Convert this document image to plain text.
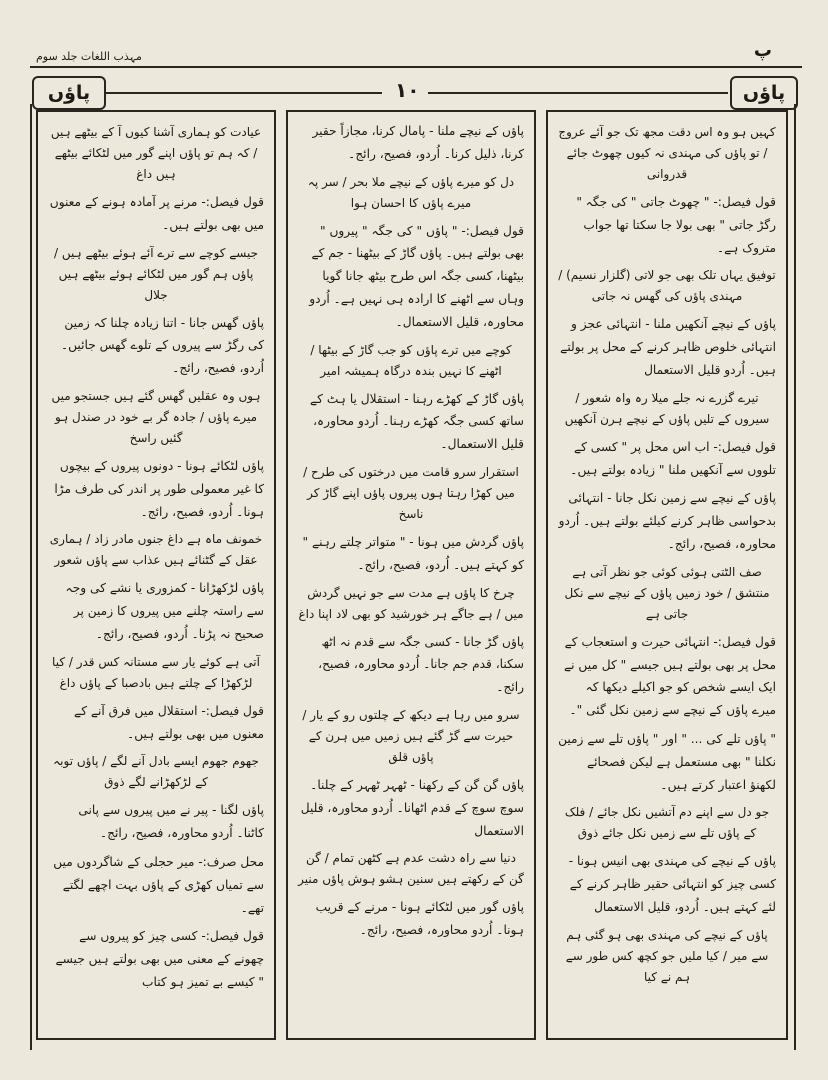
مہذب اللغات جلد سوم	پ
پاؤں	۱۰	پاؤں

عیادت کو ہماری آشنا کیوں آ کے بیٹھے ہیں / کہ ہم تو پاؤں اپنے گور میں لٹکائے بیٹھے ہیں داغ

قول فیصل:- مرنے پر آمادہ ہونے کے معنوں میں بھی بولتے ہیں۔

جیسے کوچے سے ترے آئے ہوئے بیٹھے ہیں / پاؤں ہم گور میں لٹکائے ہوئے بیٹھے ہیں جلال

پاؤں گھس جانا - اتنا زیادہ چلنا کہ زمین کی رگڑ سے پیروں کے تلوے گھس جائیں۔ اُردو، فصیح، رائج۔

ہوں وہ عقلیں گھس گئے ہیں جستجو میں میرے پاؤں / جادہ گر بے خود در صندل ہو گئیں راسخ

پاؤں لٹکائے ہونا - دونوں پیروں کے بیچوں کا غیر معمولی طور پر اندر کی طرف مڑا ہونا۔ اُردو، فصیح، رائج۔

خمونف ماہ ہے داغ جنوں مادر زاد / ہماری عقل کے گٹنائے ہیں عذاب سے پاؤں شعور

پاؤں لڑکھڑانا - کمزوری یا نشے کی وجہ سے راستہ چلنے میں پیروں کا زمین پر صحیح نہ پڑنا۔ اُردو، فصیح، رائج۔

آتی ہے کوئے یار سے مستانہ کس قدر / کیا لڑکھڑا کے چلتے ہیں بادصبا کے پاؤں داغ

قول فیصل:- استقلال میں فرق آنے کے معنوں میں بھی بولتے ہیں۔

جھوم جھوم ایسے بادل آنے لگے / پاؤں توبہ کے لڑکھڑانے لگے ذوق

پاؤں لگنا - پیر نے میں پیروں سے پانی کاٹنا۔ اُردو محاورہ، فصیح، رائج۔

محل صرف:- میر حجلی کے شاگردوں میں سے تمیاں کھڑی کے پاؤں بہت اچھے لگتے تھے۔

قول فیصل:- کسی چیز کو پیروں سے چھونے کے معنی میں بھی بولتے ہیں جیسے " کیسے بے تمیز ہو کتاب

پاؤں کے نیچے ملنا - پامال کرنا، مجازاً حقیر کرنا، ذلیل کرنا۔ اُردو، فصیح، رائج۔

دل کو میرے پاؤں کے نیچے ملا بحر / سر پہ میرے پاؤں کا احسان ہوا

قول فیصل:- " پاؤں " کی جگہ " پیروں " بھی بولتے ہیں۔ پاؤں گاڑ کے بیٹھنا - جم کے بیٹھنا، کسی جگہ اس طرح بیٹھ جانا گویا وہاں سے اٹھنے کا ارادہ ہی نہیں ہے۔ اُردو محاورہ، قلیل الاستعمال۔

کوچے میں ترے پاؤں کو جب گاڑ کے بیٹھا / اٹھنے کا نہیں بندہ درگاہ ہمیشہ امیر

پاؤں گاڑ کے کھڑے رہنا - استقلال یا ہٹ کے ساتھ کسی جگہ کھڑے رہنا۔ اُردو محاورہ، قلیل الاستعمال۔

استقرار سرو قامت میں درختوں کی طرح / میں کھڑا رہتا ہوں پیروں پاؤں اپنے گاڑ کر ناسخ

پاؤں گردش میں ہونا - " متواتر چلتے رہنے " کو کہتے ہیں۔ اُردو، فصیح، رائج۔

چرخ کا پاؤں ہے مدت سے جو نہیں گردش میں / ہے جاگے ہر خورشید کو بھی لاد اپنا داغ

پاؤں گڑ جانا - کسی جگہ سے قدم نہ اٹھ سکنا، قدم جم جانا۔ اُردو محاورہ، فصیح، رائج۔

سرو میں رہا ہے دیکھ کے چلتوں رو کے یار / حیرت سے گڑ گئے ہیں زمیں میں ہرن کے پاؤں قلق

پاؤں گن گن کے رکھنا - ٹھہر ٹھہر کے چلنا۔ سوچ سوچ کے قدم اٹھانا۔ اُردو محاورہ، قلیل الاستعمال

دنیا سے راہ دشت عدم ہے کٹھن تمام / گن گن کے رکھتے ہیں سنین ہشو ہوش پاؤں منیر

پاؤں گور میں لٹکائے ہونا - مرنے کے قریب ہونا۔ اُردو محاورہ، فصیح، رائج۔

کہیں ہو وہ اس دقت مجھ تک جو آئے عروج / تو پاؤں کی مہندی نہ کیوں چھوٹ جائے قدروانی

قول فیصل:- " چھوٹ جاتی " کی جگہ " رگڑ جاتی " بھی بولا جا سکتا تھا جواب متروک ہے۔

توفیق یہاں تلک بھی جو لاتی (گلزار نسیم) / مہندی پاؤں کی گھس نہ جاتی

پاؤں کے نیچے آنکھیں ملنا - انتہائی عجز و انتہائی خلوص ظاہر کرنے کے محل پر بولتے ہیں۔ اُردو قلیل الاستعمال

تیرے گزرے نہ جلے میلا رہ واہ شعور / سیروں کے تلیں پاؤں کے نیچے ہرن آنکھیں

قول فیصل:- اب اس محل پر " کسی کے تلووں سے آنکھیں ملنا " زیادہ بولتے ہیں۔

پاؤں کے نیچے سے زمین نکل جانا - انتہائی بدحواسی ظاہر کرنے کیلئے بولتے ہیں۔ اُردو محاورہ، فصیح، رائج۔

صف الٹتی ہوئی کوئی جو نظر آتی ہے منتشق / خود زمیں پاؤں کے نیچے سے نکل جاتی ہے

قول فیصل:- انتہائی حیرت و استعجاب کے محل پر بھی بولتے ہیں جیسے " کل میں نے ایک ایسے شخص کو جو اکیلے دیکھا کہ میرے پاؤں کے نیچے سے زمین نکل گئی "۔

" پاؤں تلے کی ... " اور " پاؤں تلے سے زمین نکلنا " بھی مستعمل ہے لیکن فصحائے لکھنؤ اعتبار کرتے ہیں۔

جو دل سے اپنے دم آتشیں نکل جائے / فلک کے پاؤں تلے سے زمیں نکل جائے ذوق

پاؤں کے نیچے کی مہندی بھی انیس ہونا - کسی چیز کو انتہائی حقیر ظاہر کرنے کے لئے کہتے ہیں۔ اُردو، قلیل الاستعمال

پاؤں کے نیچے کی مہندی بھی ہو گئی ہم سے میر / کیا ملیں جو کچھ کس طور سے ہم نے کیا
